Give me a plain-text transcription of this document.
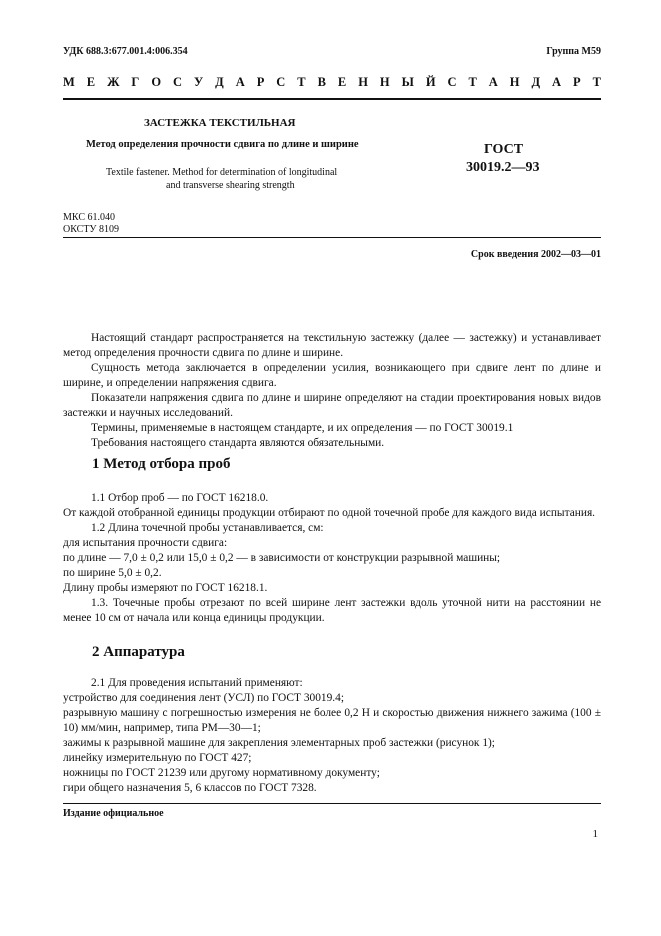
УДК 688.3:677.001.4:006.354	Группа М59
М Е Ж Г О С У Д А Р С Т В Е Н Н Ы Й С Т А Н Д А Р Т
ЗАСТЕЖКА ТЕКСТИЛЬНАЯ
Метод определения прочности сдвига по длине и ширине
Textile fastener. Method for determination of longitudinal
and transverse shearing strength
ГОСТ
30019.2—93
МКС 61.040
ОКСТУ 8109
Срок введения 2002—03—01

Настоящий стандарт распространяется на текстильную застежку (далее — застежку) и устанавливает метод определения прочности сдвига по длине и ширине.

Сущность метода заключается в определении усилия, возникающего при сдвиге лент по длине и ширине, и определении напряжения сдвига.

Показатели напряжения сдвига по длине и ширине определяют на стадии проектирования новых видов застежки и научных исследований.

Термины, применяемые в настоящем стандарте, и их определения — по ГОСТ 30019.1

Требования настоящего стандарта являются обязательными.

1 Метод отбора проб

1.1 Отбор проб — по ГОСТ 16218.0.

От каждой отобранной единицы продукции отбирают по одной точечной пробе для каждого вида испытания.

1.2 Длина точечной пробы устанавливается, см:

для испытания прочности сдвига:

по длине — 7,0 ± 0,2 или 15,0 ± 0,2 — в зависимости от конструкции разрывной машины;

по ширине 5,0 ± 0,2.

Длину пробы измеряют по ГОСТ 16218.1.

1.3. Точечные пробы отрезают по всей ширине лент застежки вдоль уточной нити на расстоянии не менее 10 см от начала или конца единицы продукции.

2 Аппаратура

2.1 Для проведения испытаний применяют:

устройство для соединения лент (УСЛ) по ГОСТ 30019.4;

разрывную машину с погрешностью измерения не более 0,2 Н и скоростью движения нижнего зажима (100 ± 10) мм/мин, например, типа РМ—30—1;

зажимы к разрывной машине для закрепления элементарных проб застежки (рисунок 1);

линейку измерительную по ГОСТ 427;

ножницы по ГОСТ 21239 или другому нормативному документу;

гири общего назначения 5, 6 классов по ГОСТ 7328.

Издание официальное
1
